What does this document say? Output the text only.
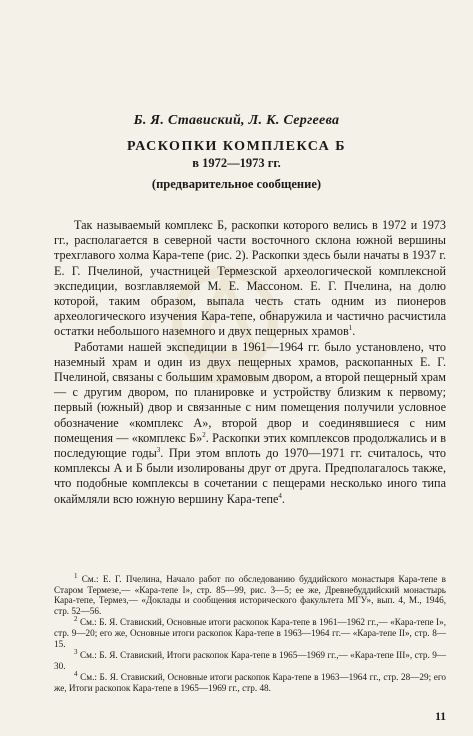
Б. Я. Ставиский, Л. К. Сергеева
РАСКОПКИ КОМПЛЕКСА Б
в 1972—1973 гг.
(предварительное сообщение)

Так называемый комплекс Б, раскопки которого велись в 1972 и 1973 гг., располагается в северной части восточного склона южной вершины трехглавого холма Кара-тепе (рис. 2). Раскопки здесь были начаты в 1937 г. Е. Г. Пчелиной, участницей Термезской археологической комплексной экспедиции, возглавляемой М. Е. Массоном. Е. Г. Пчелина, на долю которой, таким образом, выпала честь стать одним из пионеров археологического изучения Кара-тепе, обнаружила и частично расчистила остатки небольшого наземного и двух пещерных храмов$^1$.

Работами нашей экспедиции в 1961—1964 гг. было установлено, что наземный храм и один из двух пещерных храмов, раскопанных Е. Г. Пчелиной, связаны с большим храмовым двором, а второй пещерный храм — с другим двором, по планировке и устройству близким к первому; первый (южный) двор и связанные с ним помещения получили условное обозначение «комплекс А», второй двор и соединявшиеся с ним помещения — «комплекс Б»$^2$. Раскопки этих комплексов продолжались и в последующие годы$^3$. При этом вплоть до 1970—1971 гг. считалось, что комплексы А и Б были изолированы друг от друга. Предполагалось также, что подобные комплексы в сочетании с пещерами несколько иного типа окаймляли всю южную вершину Кара-тепе$^4$.

$^1$ См.: Е. Г. Пчелина, Начало работ по обследованию буддийского монастыря Кара-тепе в Старом Термезе,— «Кара-тепе I», стр. 85—99, рис. 3—5; ее же, Древнебуддийский монастырь Кара-тепе, Термез,— «Доклады и сообщения исторического факультета МГУ», вып. 4, М., 1946, стр. 52—56.

$^2$ См.: Б. Я. Ставиский, Основные итоги раскопок Кара-тепе в 1961—1962 гг.,— «Кара-тепе I», стр. 9—20; его же, Основные итоги раскопок Кара-тепе в 1963—1964 гг.— «Кара-тепе II», стр. 8—15.

$^3$ См.: Б. Я. Ставиский, Итоги раскопок Кара-тепе в 1965—1969 гг.,— «Кара-тепе III», стр. 9—30.

$^4$ См.: Б. Я. Ставиский, Основные итоги раскопок Кара-тепе в 1963—1964 гг., стр. 28—29; его же, Итоги раскопок Кара-тепе в 1965—1969 гг., стр. 48.

11
